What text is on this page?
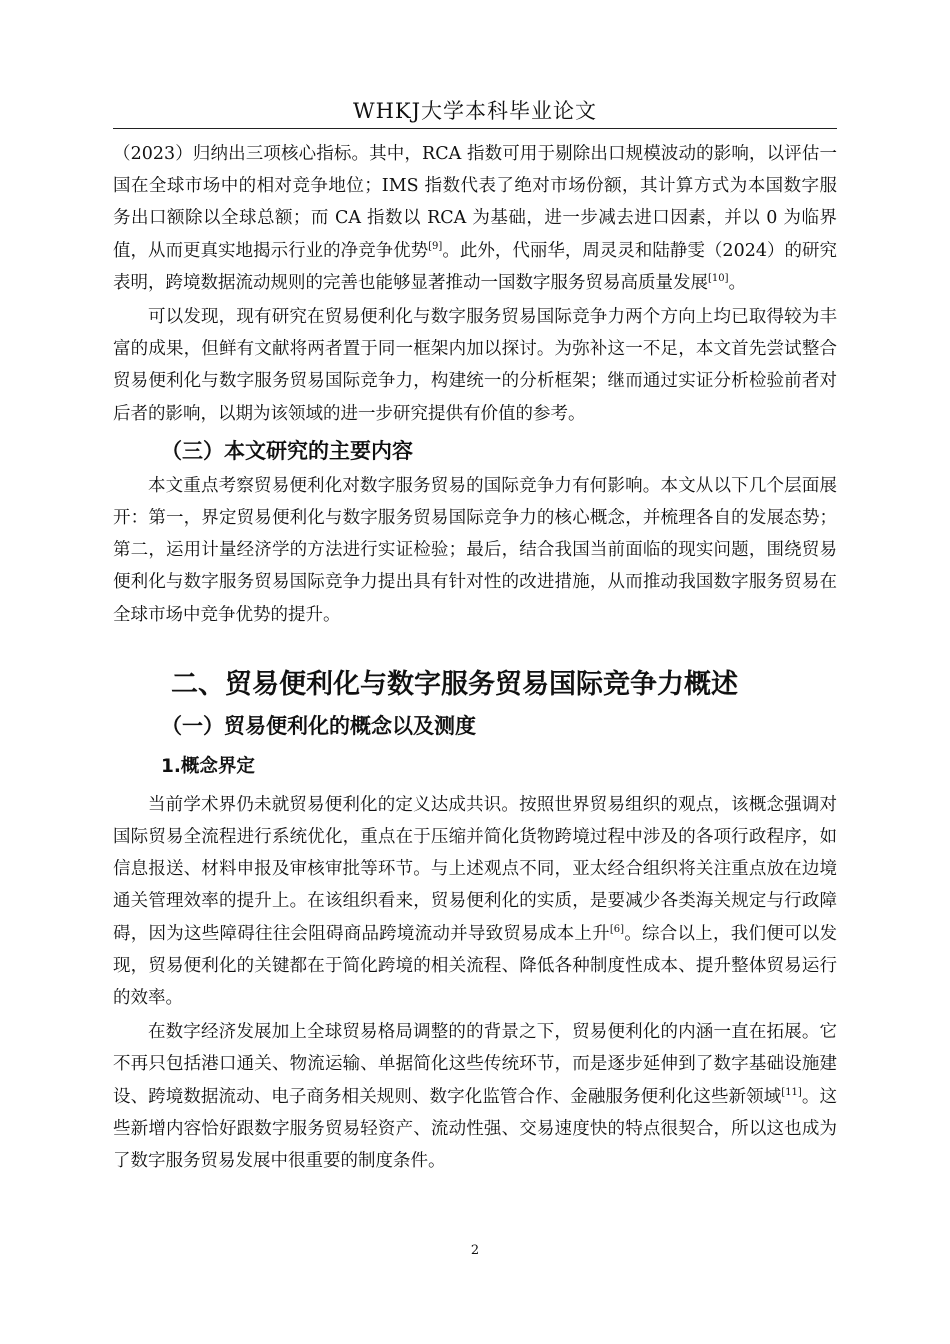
WHKJ大学本科毕业论文

（2023）归纳出三项核心指标。其中，RCA 指数可用于剔除出口规模波动的影响，以评估一国在全球市场中的相对竞争地位；IMS 指数代表了绝对市场份额，其计算方式为本国数字服务出口额除以全球总额；而 CA 指数以 RCA 为基础，进一步减去进口因素，并以 0 为临界值，从而更真实地揭示行业的净竞争优势[9]。此外，代丽华，周灵灵和陆静雯（2024）的研究表明，跨境数据流动规则的完善也能够显著推动一国数字服务贸易高质量发展[10]。

可以发现，现有研究在贸易便利化与数字服务贸易国际竞争力两个方向上均已取得较为丰富的成果，但鲜有文献将两者置于同一框架内加以探讨。为弥补这一不足，本文首先尝试整合贸易便利化与数字服务贸易国际竞争力，构建统一的分析框架；继而通过实证分析检验前者对后者的影响，以期为该领域的进一步研究提供有价值的参考。

（三）本文研究的主要内容

本文重点考察贸易便利化对数字服务贸易的国际竞争力有何影响。本文从以下几个层面展开：第一，界定贸易便利化与数字服务贸易国际竞争力的核心概念，并梳理各自的发展态势；第二，运用计量经济学的方法进行实证检验；最后，结合我国当前面临的现实问题，围绕贸易便利化与数字服务贸易国际竞争力提出具有针对性的改进措施，从而推动我国数字服务贸易在全球市场中竞争优势的提升。

二、贸易便利化与数字服务贸易国际竞争力概述
（一）贸易便利化的概念以及测度
1.概念界定

当前学术界仍未就贸易便利化的定义达成共识。按照世界贸易组织的观点，该概念强调对国际贸易全流程进行系统优化，重点在于压缩并简化货物跨境过程中涉及的各项行政程序，如信息报送、材料申报及审核审批等环节。与上述观点不同，亚太经合组织将关注重点放在边境通关管理效率的提升上。在该组织看来，贸易便利化的实质，是要减少各类海关规定与行政障碍，因为这些障碍往往会阻碍商品跨境流动并导致贸易成本上升[6]。综合以上，我们便可以发现，贸易便利化的关键都在于简化跨境的相关流程、降低各种制度性成本、提升整体贸易运行的效率。

在数字经济发展加上全球贸易格局调整的的背景之下，贸易便利化的内涵一直在拓展。它不再只包括港口通关、物流运输、单据简化这些传统环节，而是逐步延伸到了数字基础设施建设、跨境数据流动、电子商务相关规则、数字化监管合作、金融服务便利化这些新领域[11]。这些新增内容恰好跟数字服务贸易轻资产、流动性强、交易速度快的特点很契合，所以这也成为了数字服务贸易发展中很重要的制度条件。

2
